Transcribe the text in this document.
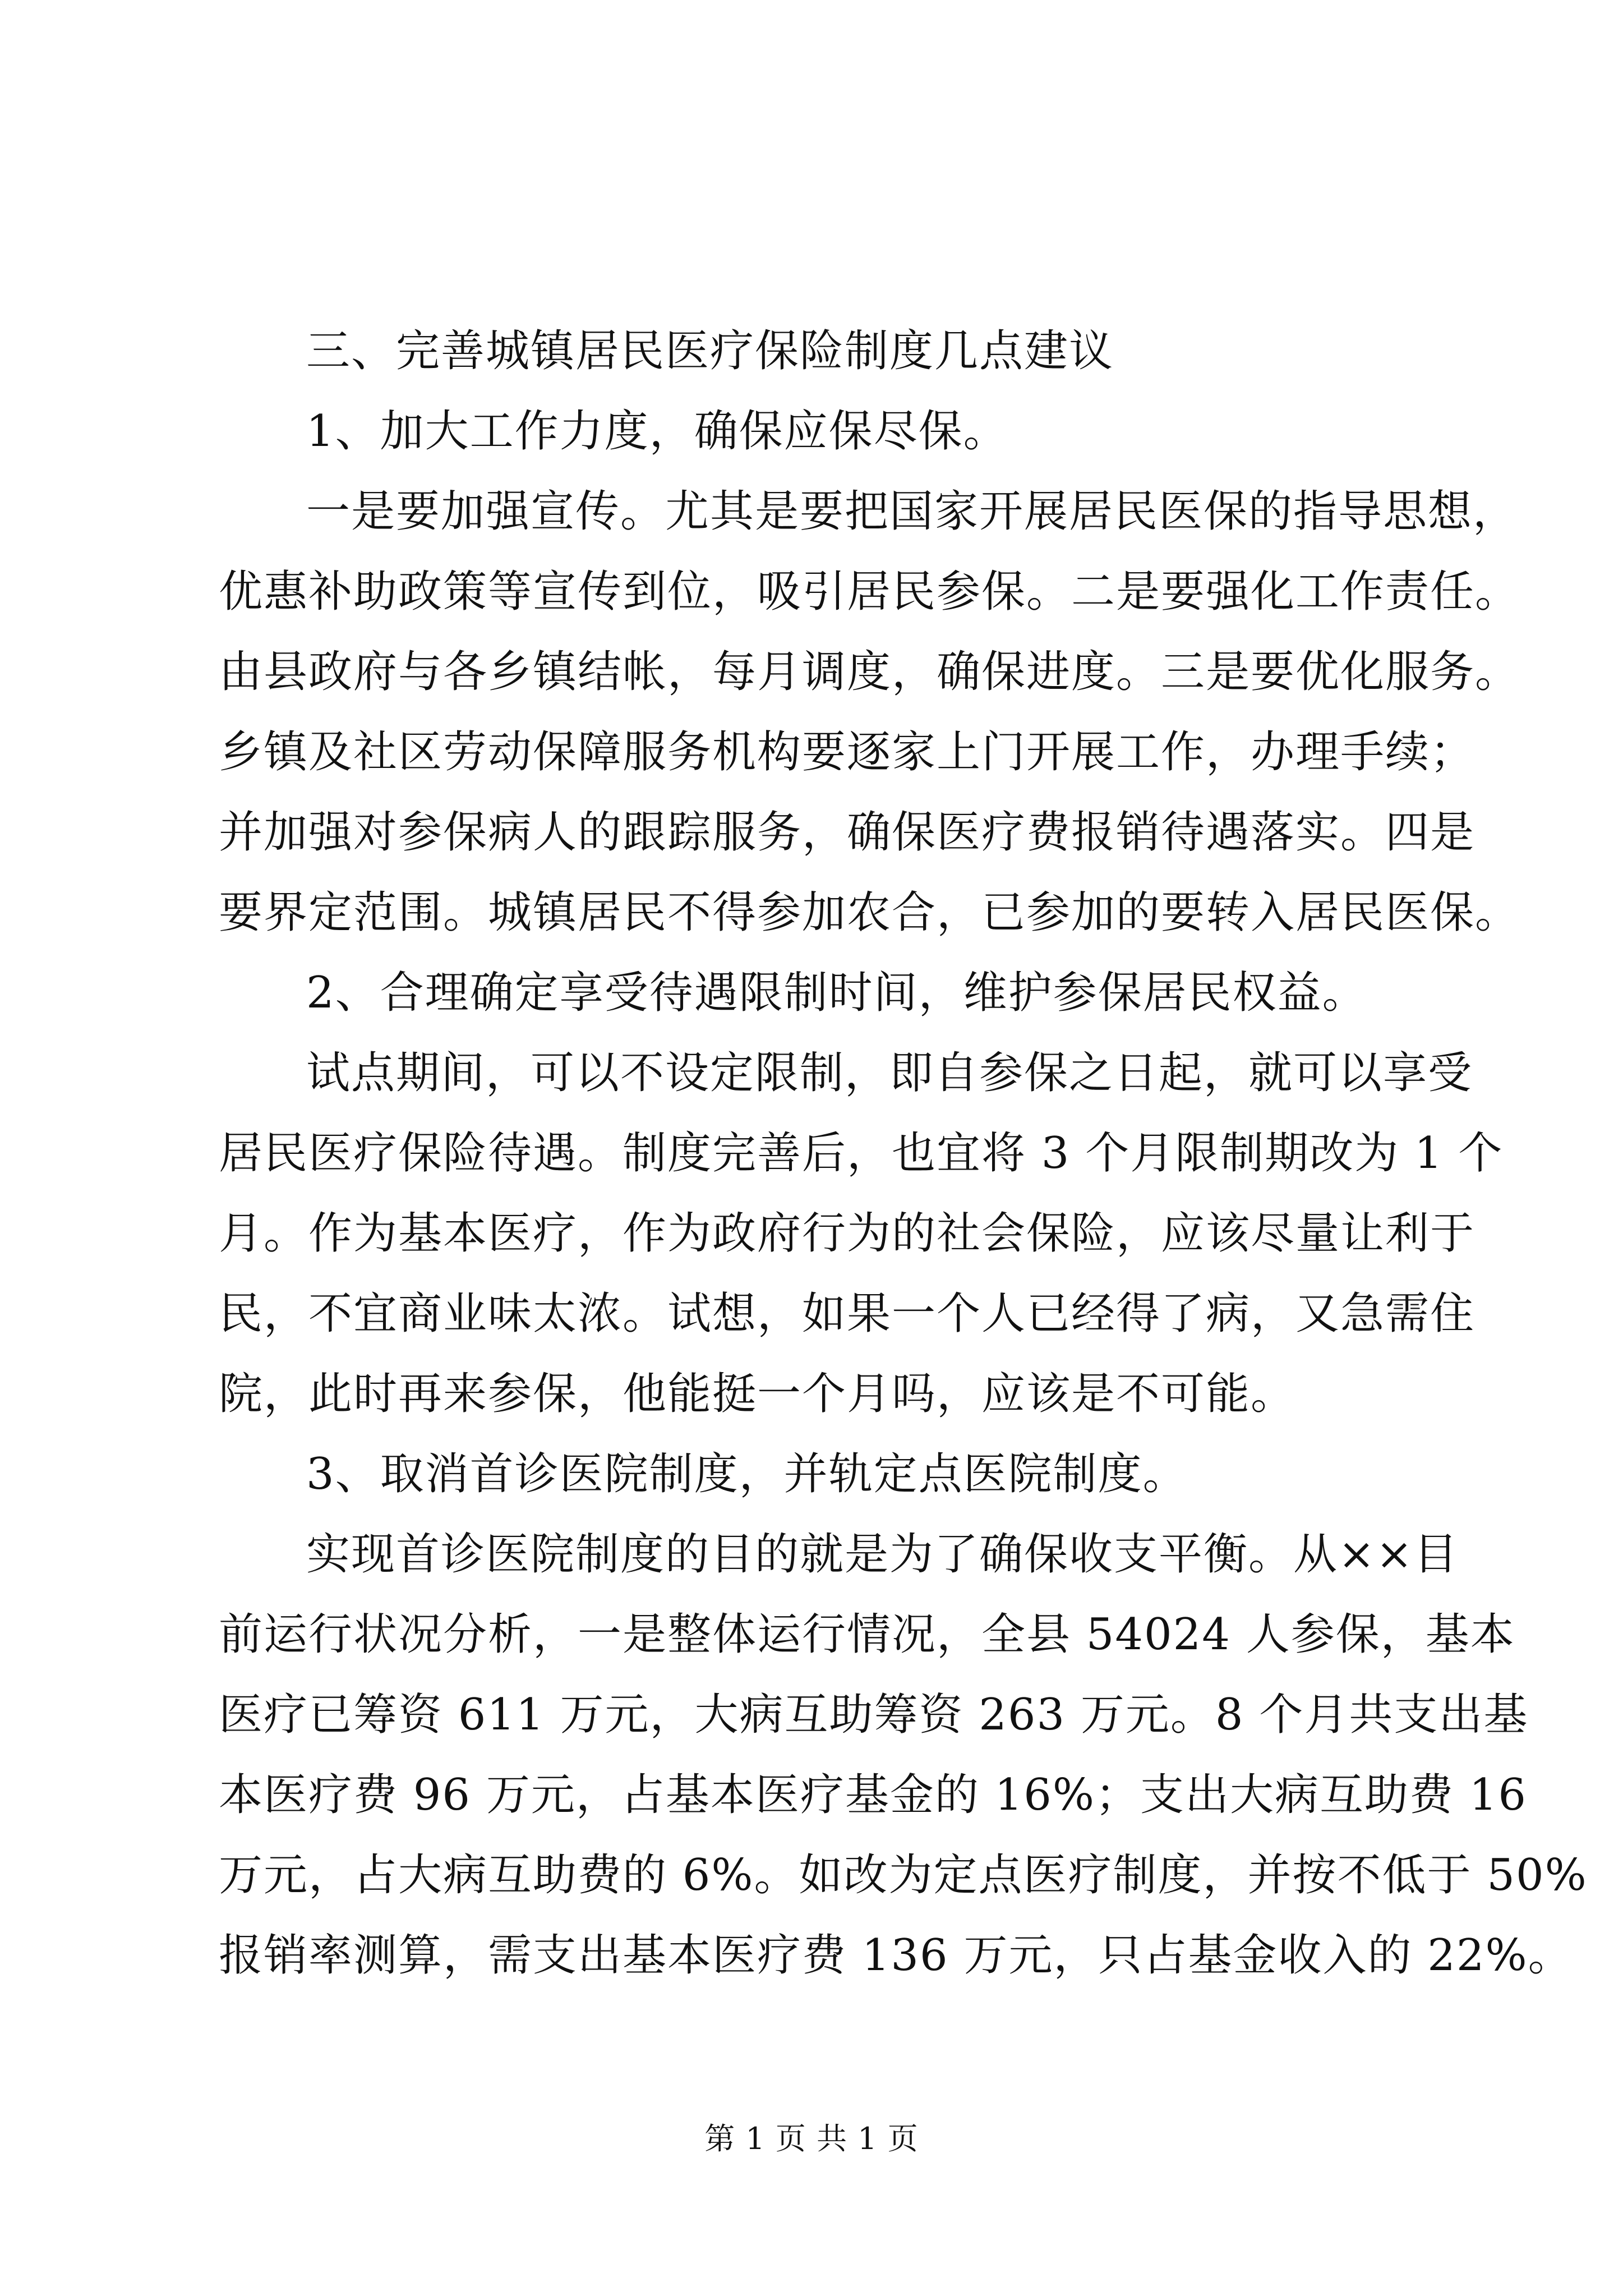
三、完善城镇居民医疗保险制度几点建议

1、加大工作力度，确保应保尽保。

一是要加强宣传。尤其是要把国家开展居民医保的指导思想，
优惠补助政策等宣传到位，吸引居民参保。二是要强化工作责任。
由县政府与各乡镇结帐，每月调度，确保进度。三是要优化服务。
乡镇及社区劳动保障服务机构要逐家上门开展工作，办理手续；
并加强对参保病人的跟踪服务，确保医疗费报销待遇落实。四是
要界定范围。城镇居民不得参加农合，已参加的要转入居民医保。

2、合理确定享受待遇限制时间，维护参保居民权益。

试点期间，可以不设定限制，即自参保之日起，就可以享受
居民医疗保险待遇。制度完善后，也宜将 3 个月限制期改为 1 个
月。作为基本医疗，作为政府行为的社会保险，应该尽量让利于
民，不宜商业味太浓。试想，如果一个人已经得了病，又急需住
院，此时再来参保，他能挺一个月吗，应该是不可能。

3、取消首诊医院制度，并轨定点医院制度。

实现首诊医院制度的目的就是为了确保收支平衡。从××目
前运行状况分析，一是整体运行情况，全县 54024 人参保，基本
医疗已筹资 611 万元，大病互助筹资 263 万元。8 个月共支出基
本医疗费 96 万元，占基本医疗基金的 16%；支出大病互助费 16
万元，占大病互助费的 6%。如改为定点医疗制度，并按不低于 50%
报销率测算，需支出基本医疗费 136 万元，只占基金收入的 22%。
第 1 页 共 1 页
